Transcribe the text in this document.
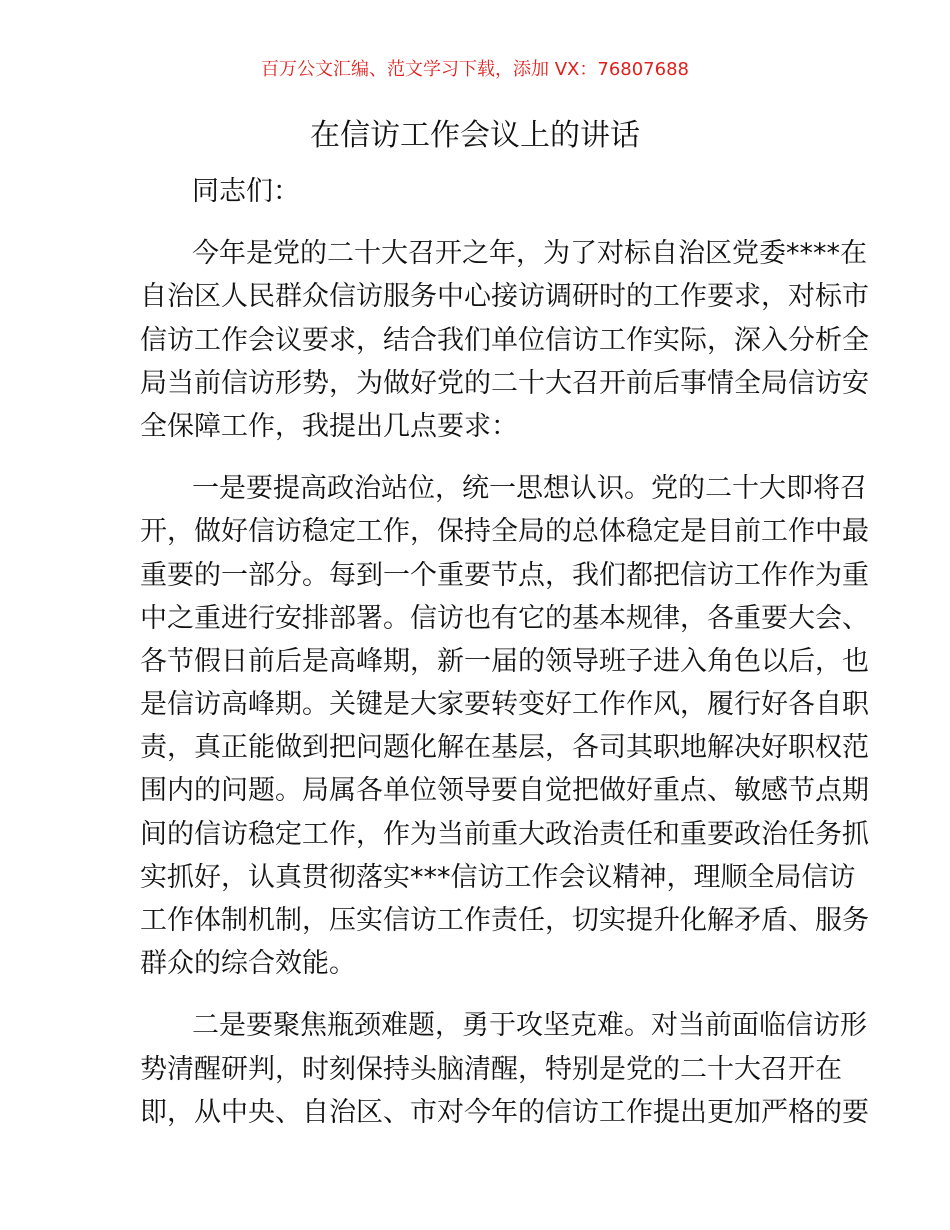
百万公文汇编、范文学习下载，添加 VX：76807688
在信访工作会议上的讲话
同志们：
今年是党的二十大召开之年，为了对标自治区党委****在
自治区人民群众信访服务中心接访调研时的工作要求，对标市
信访工作会议要求，结合我们单位信访工作实际，深入分析全
局当前信访形势，为做好党的二十大召开前后事情全局信访安
全保障工作，我提出几点要求：
一是要提高政治站位，统一思想认识。党的二十大即将召
开，做好信访稳定工作，保持全局的总体稳定是目前工作中最
重要的一部分。每到一个重要节点，我们都把信访工作作为重
中之重进行安排部署。信访也有它的基本规律，各重要大会、
各节假日前后是高峰期，新一届的领导班子进入角色以后，也
是信访高峰期。关键是大家要转变好工作作风，履行好各自职
责，真正能做到把问题化解在基层，各司其职地解决好职权范
围内的问题。局属各单位领导要自觉把做好重点、敏感节点期
间的信访稳定工作，作为当前重大政治责任和重要政治任务抓
实抓好，认真贯彻落实***信访工作会议精神，理顺全局信访
工作体制机制，压实信访工作责任，切实提升化解矛盾、服务
群众的综合效能。
二是要聚焦瓶颈难题，勇于攻坚克难。对当前面临信访形
势清醒研判，时刻保持头脑清醒，特别是党的二十大召开在
即，从中央、自治区、市对今年的信访工作提出更加严格的要
